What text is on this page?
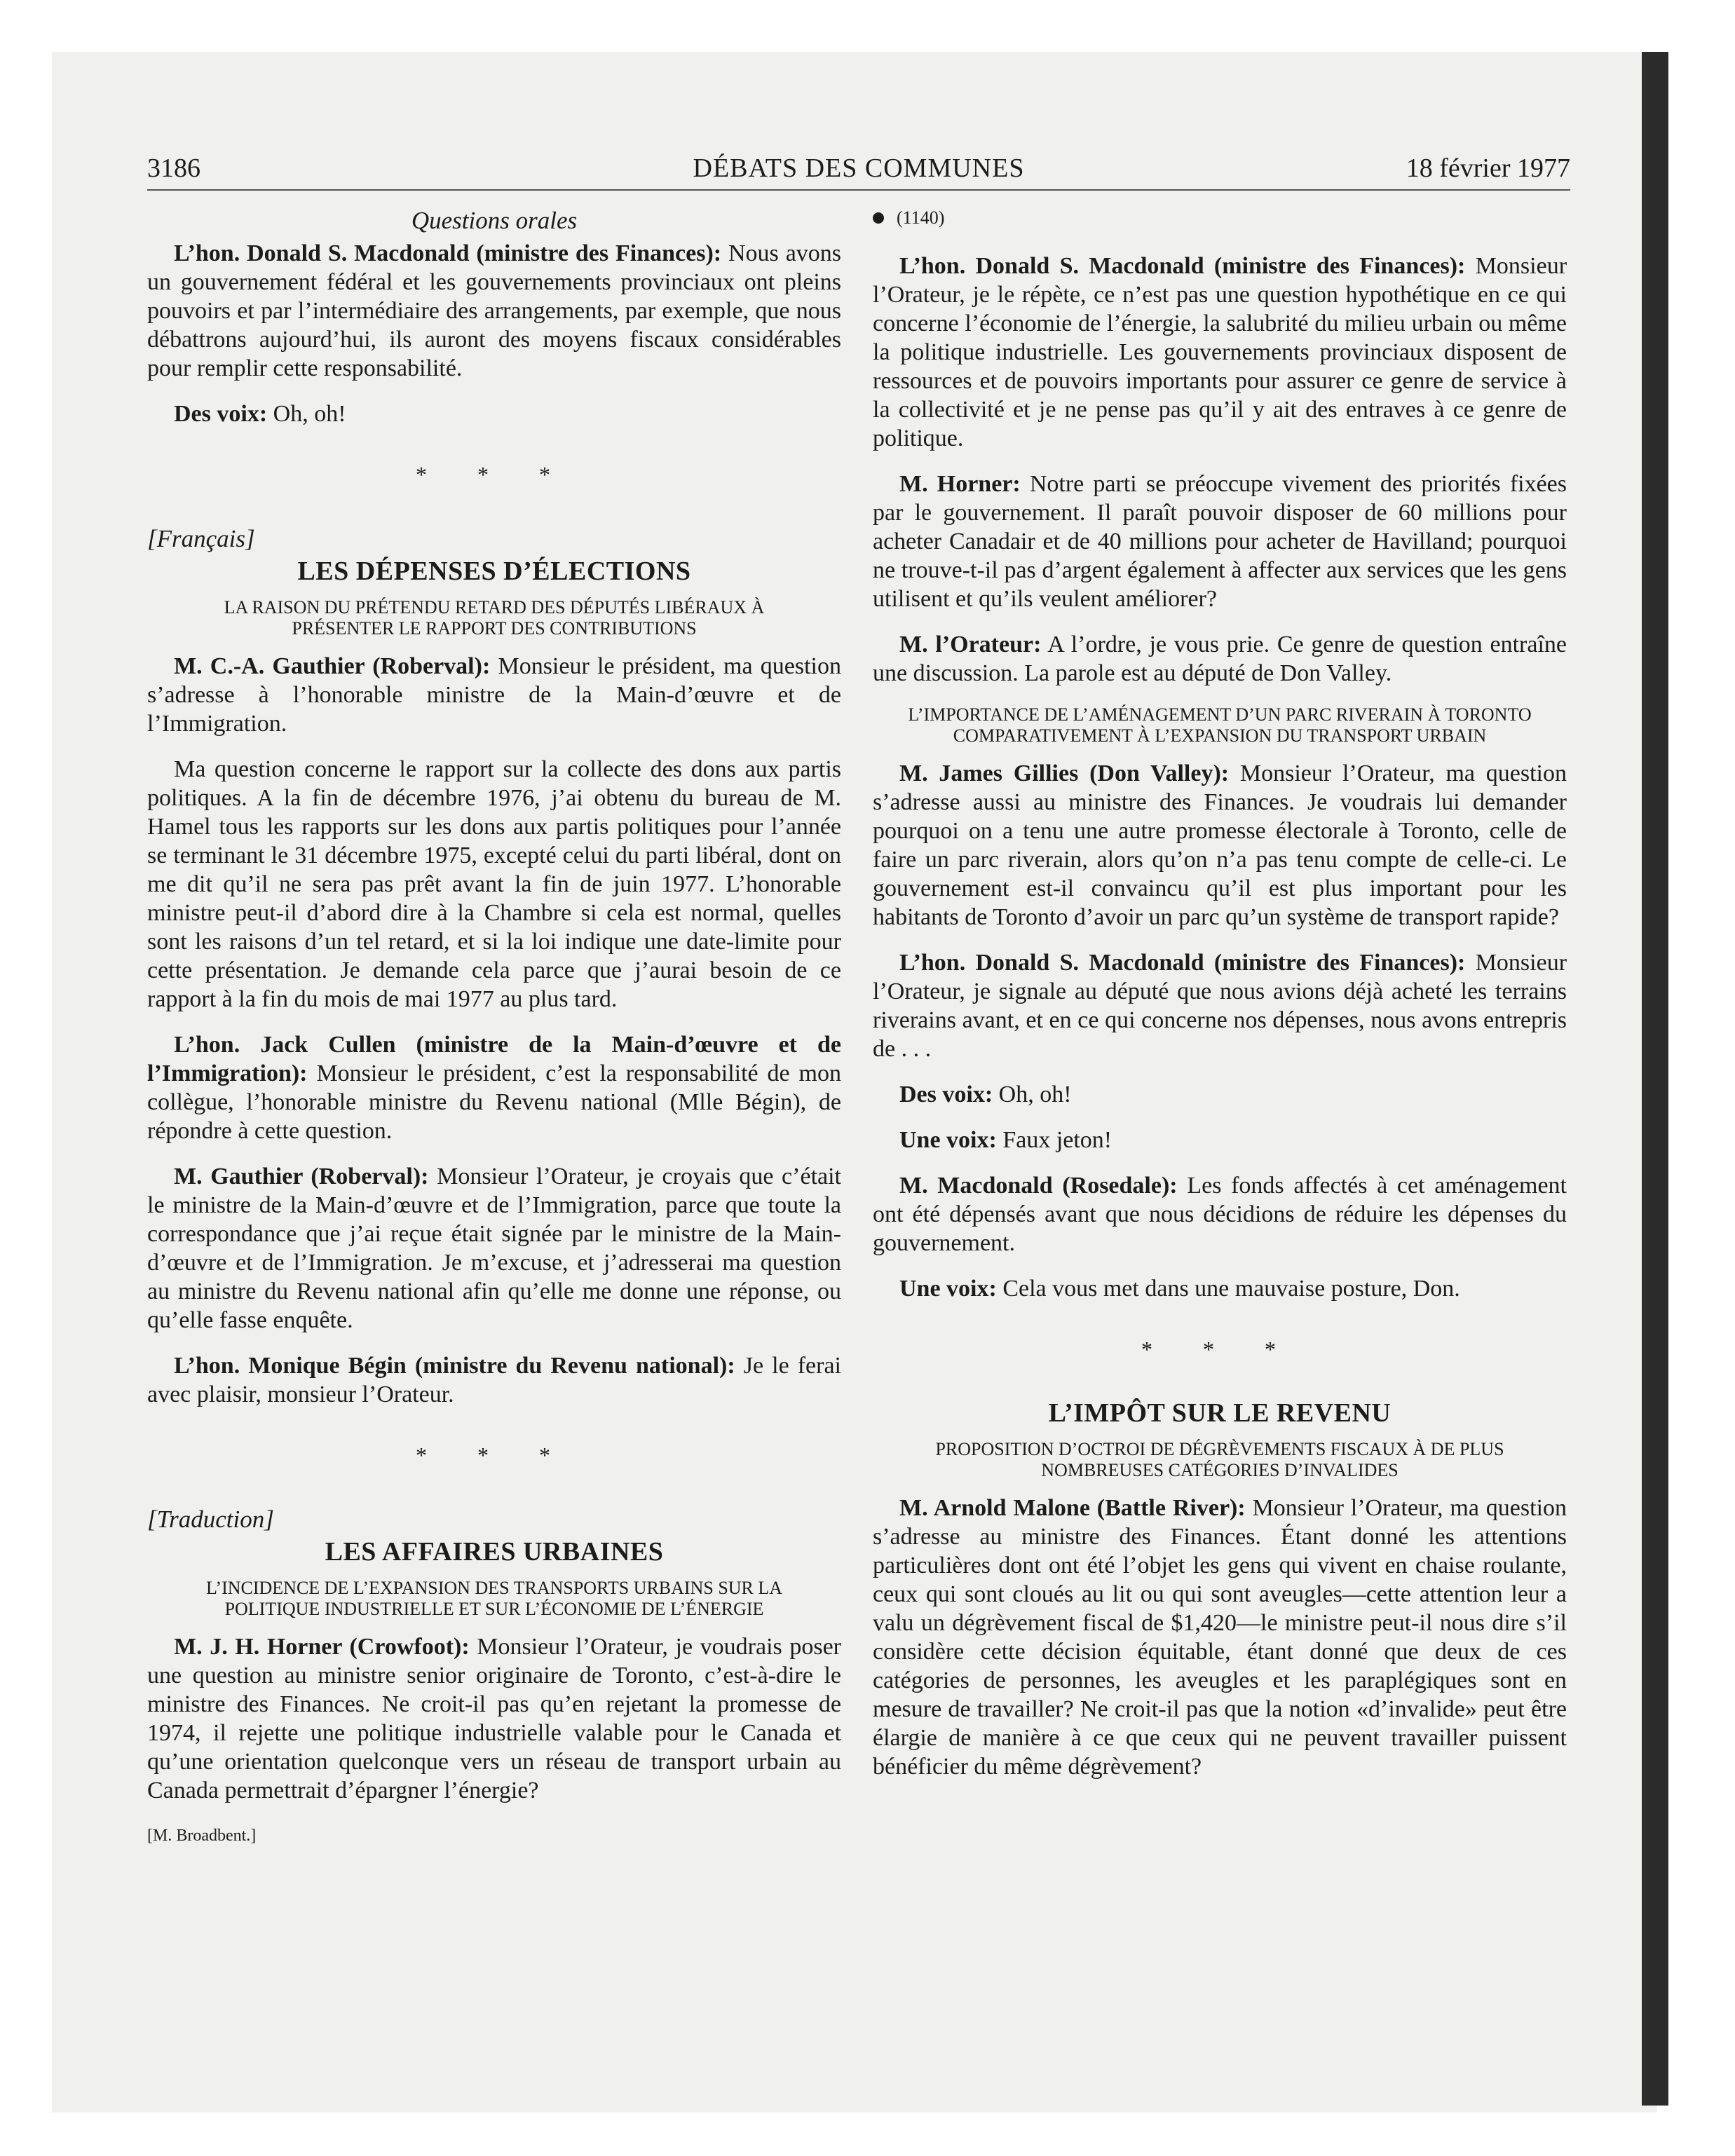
3186	DÉBATS DES COMMUNES	18 février 1977
Questions orales

L’hon. Donald S. Macdonald (ministre des Finances): Nous avons un gouvernement fédéral et les gouvernements provinciaux ont pleins pouvoirs et par l’intermédiaire des arrangements, par exemple, que nous débattrons aujourd’hui, ils auront des moyens fiscaux considérables pour remplir cette responsabilité.

Des voix: Oh, oh!

* * *
[Français]
LES DÉPENSES D’ÉLECTIONS
LA RAISON DU PRÉTENDU RETARD DES DÉPUTÉS LIBÉRAUX À PRÉSENTER LE RAPPORT DES CONTRIBUTIONS

M. C.-A. Gauthier (Roberval): Monsieur le président, ma question s’adresse à l’honorable ministre de la Main-d’œuvre et de l’Immigration.

Ma question concerne le rapport sur la collecte des dons aux partis politiques. A la fin de décembre 1976, j’ai obtenu du bureau de M. Hamel tous les rapports sur les dons aux partis politiques pour l’année se terminant le 31 décembre 1975, excepté celui du parti libéral, dont on me dit qu’il ne sera pas prêt avant la fin de juin 1977. L’honorable ministre peut-il d’abord dire à la Chambre si cela est normal, quelles sont les raisons d’un tel retard, et si la loi indique une date-limite pour cette présentation. Je demande cela parce que j’aurai besoin de ce rapport à la fin du mois de mai 1977 au plus tard.

L’hon. Jack Cullen (ministre de la Main-d’œuvre et de l’Immigration): Monsieur le président, c’est la responsabilité de mon collègue, l’honorable ministre du Revenu national (Mlle Bégin), de répondre à cette question.

M. Gauthier (Roberval): Monsieur l’Orateur, je croyais que c’était le ministre de la Main-d’œuvre et de l’Immigration, parce que toute la correspondance que j’ai reçue était signée par le ministre de la Main-d’œuvre et de l’Immigration. Je m’excuse, et j’adresserai ma question au ministre du Revenu national afin qu’elle me donne une réponse, ou qu’elle fasse enquête.

L’hon. Monique Bégin (ministre du Revenu national): Je le ferai avec plaisir, monsieur l’Orateur.

* * *
[Traduction]
LES AFFAIRES URBAINES
L’INCIDENCE DE L’EXPANSION DES TRANSPORTS URBAINS SUR LA POLITIQUE INDUSTRIELLE ET SUR L’ÉCONOMIE DE L’ÉNERGIE

M. J. H. Horner (Crowfoot): Monsieur l’Orateur, je voudrais poser une question au ministre senior originaire de Toronto, c’est-à-dire le ministre des Finances. Ne croit-il pas qu’en rejetant la promesse de 1974, il rejette une politique industrielle valable pour le Canada et qu’une orientation quelconque vers un réseau de transport urbain au Canada permettrait d’épargner l’énergie?

[M. Broadbent.]
(1140)

L’hon. Donald S. Macdonald (ministre des Finances): Monsieur l’Orateur, je le répète, ce n’est pas une question hypothétique en ce qui concerne l’économie de l’énergie, la salubrité du milieu urbain ou même la politique industrielle. Les gouvernements provinciaux disposent de ressources et de pouvoirs importants pour assurer ce genre de service à la collectivité et je ne pense pas qu’il y ait des entraves à ce genre de politique.

M. Horner: Notre parti se préoccupe vivement des priorités fixées par le gouvernement. Il paraît pouvoir disposer de 60 millions pour acheter Canadair et de 40 millions pour acheter de Havilland; pourquoi ne trouve-t-il pas d’argent également à affecter aux services que les gens utilisent et qu’ils veulent améliorer?

M. l’Orateur: A l’ordre, je vous prie. Ce genre de question entraîne une discussion. La parole est au député de Don Valley.

L’IMPORTANCE DE L’AMÉNAGEMENT D’UN PARC RIVERAIN À TORONTO COMPARATIVEMENT À L’EXPANSION DU TRANSPORT URBAIN

M. James Gillies (Don Valley): Monsieur l’Orateur, ma question s’adresse aussi au ministre des Finances. Je voudrais lui demander pourquoi on a tenu une autre promesse électorale à Toronto, celle de faire un parc riverain, alors qu’on n’a pas tenu compte de celle-ci. Le gouvernement est-il convaincu qu’il est plus important pour les habitants de Toronto d’avoir un parc qu’un système de transport rapide?

L’hon. Donald S. Macdonald (ministre des Finances): Monsieur l’Orateur, je signale au député que nous avions déjà acheté les terrains riverains avant, et en ce qui concerne nos dépenses, nous avons entrepris de . . .

Des voix: Oh, oh!

Une voix: Faux jeton!

M. Macdonald (Rosedale): Les fonds affectés à cet aménagement ont été dépensés avant que nous décidions de réduire les dépenses du gouvernement.

Une voix: Cela vous met dans une mauvaise posture, Don.

* * *
L’IMPÔT SUR LE REVENU
PROPOSITION D’OCTROI DE DÉGRÈVEMENTS FISCAUX À DE PLUS NOMBREUSES CATÉGORIES D’INVALIDES

M. Arnold Malone (Battle River): Monsieur l’Orateur, ma question s’adresse au ministre des Finances. Étant donné les attentions particulières dont ont été l’objet les gens qui vivent en chaise roulante, ceux qui sont cloués au lit ou qui sont aveugles—cette attention leur a valu un dégrèvement fiscal de $1,420—le ministre peut-il nous dire s’il considère cette décision équitable, étant donné que deux de ces catégories de personnes, les aveugles et les paraplégiques sont en mesure de travailler? Ne croit-il pas que la notion «d’invalide» peut être élargie de manière à ce que ceux qui ne peuvent travailler puissent bénéficier du même dégrèvement?
